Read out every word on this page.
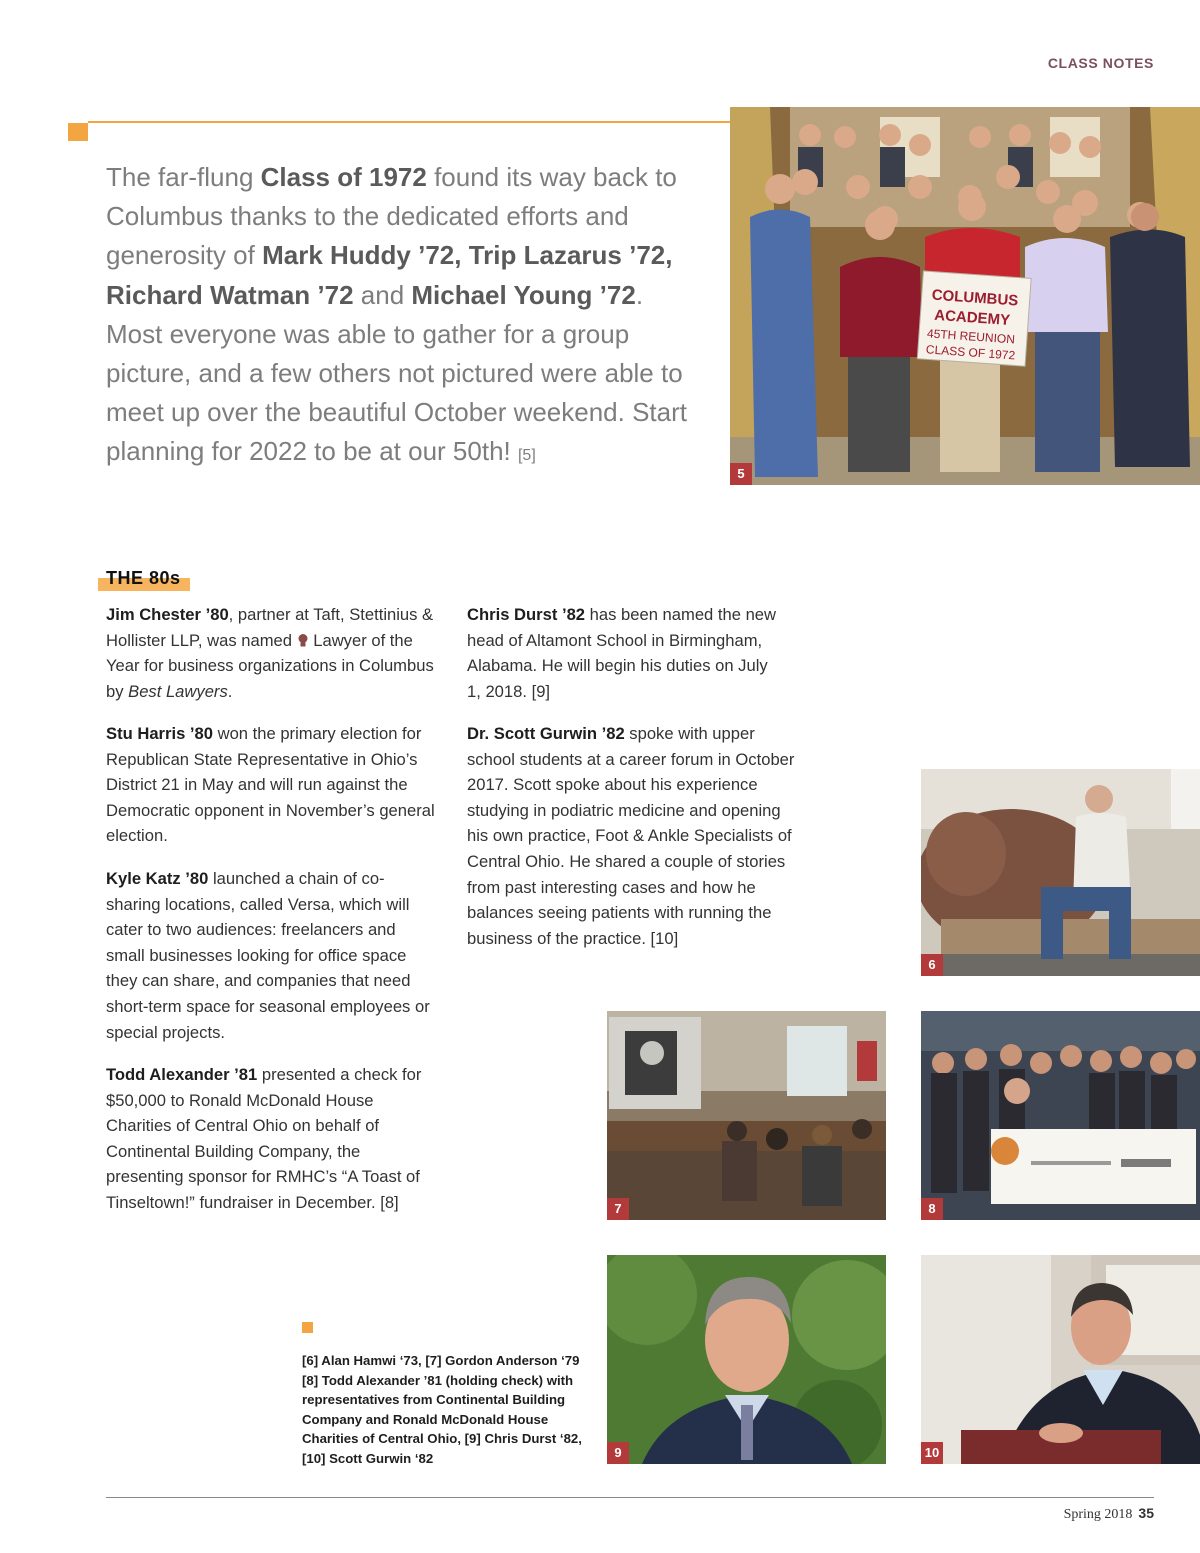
CLASS NOTES

The far-flung Class of 1972 found its way back to Columbus thanks to the dedicated efforts and generosity of Mark Huddy ’72, Trip Lazarus ’72, Richard Watman ’72 and Michael Young ’72. Most everyone was able to gather for a group picture, and a few others not pictured were able to meet up over the beautiful October weekend. Start planning for 2022 to be at our 50th! [5]

COLUMBUS
ACADEMY
45TH REUNION
CLASS OF 1972
5
THE 80s

Jim Chester ’80, partner at Taft, Stettinius & Hollister LLP, was named  Lawyer of the Year for business organizations in Columbus by Best Lawyers.

Stu Harris ’80 won the primary election for Republican State Representative in Ohio’s District 21 in May and will run against the Democratic opponent in November’s general election.

Kyle Katz ’80 launched a chain of co-sharing locations, called Versa, which will cater to two audiences: freelancers and small businesses looking for office space they can share, and companies that need short-term space for seasonal employees or special projects.

Todd Alexander ’81 presented a check for $50,000 to Ronald McDonald House Charities of Central Ohio on behalf of Continental Building Company, the presenting sponsor for RMHC’s “A Toast of Tinseltown!” fundraiser in December. [8]

Chris Durst ’82 has been named the new head of Altamont School in Birmingham, Alabama. He will begin his duties on July 1, 2018. [9]

Dr. Scott Gurwin ’82 spoke with upper school students at a career forum in October 2017. Scott spoke about his experience studying in podiatric medicine and opening his own practice, Foot & Ankle Specialists of Central Ohio. He shared a couple of stories from past interesting cases and how he balances seeing patients with running the business of the practice. [10]

6
7	8

[6] Alan Hamwi ‘73, [7] Gordon Anderson ‘79 [8] Todd Alexander ’81 (holding check) with representatives from Continental Building Company and Ronald McDonald House Charities of Central Ohio, [9] Chris Durst ‘82, [10] Scott Gurwin ‘82	9	10
Spring 2018 35
